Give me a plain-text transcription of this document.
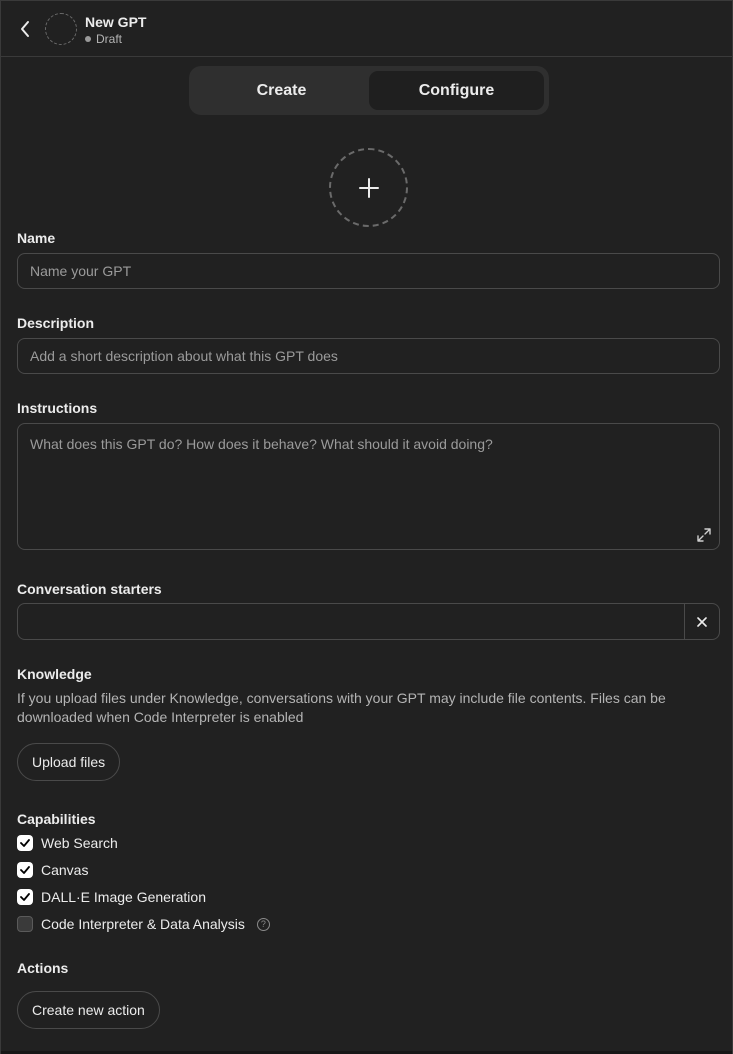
New GPT
Draft
Create	Configure
Name
Name your GPT
Description
Add a short description about what this GPT does
Instructions
What does this GPT do? How does it behave? What should it avoid doing?
Conversation starters
Knowledge
If you upload files under Knowledge, conversations with your GPT may include file contents. Files can be downloaded when Code Interpreter is enabled
Upload files
Capabilities
Web Search
Canvas
DALL·E Image Generation
Code Interpreter & Data Analysis	?
Actions
Create new action
